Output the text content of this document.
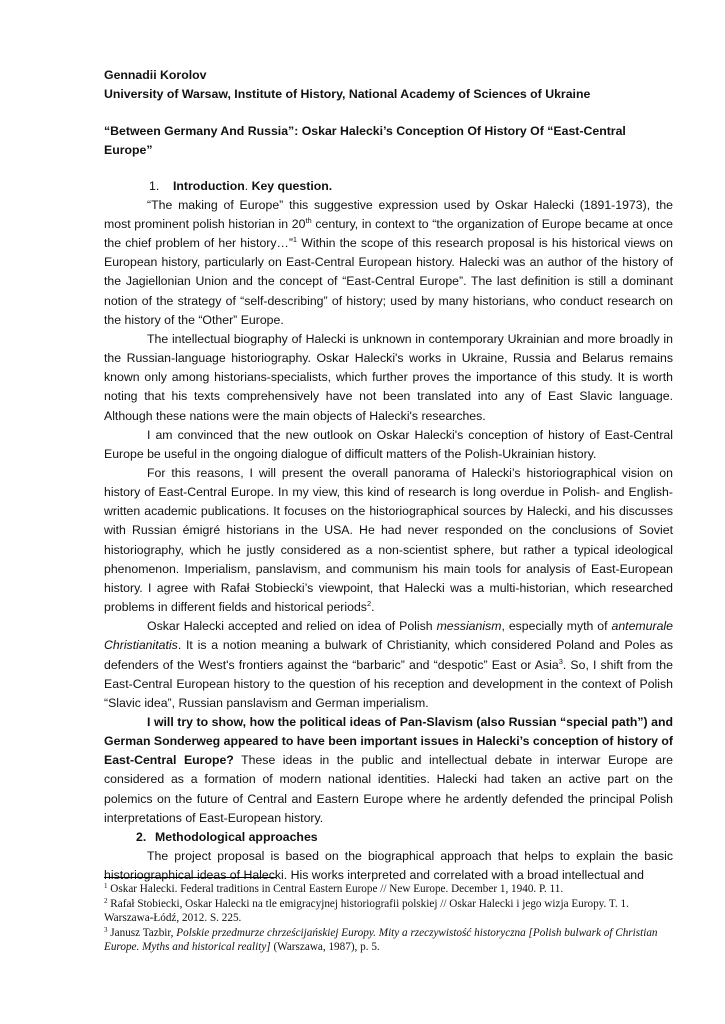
Gennadii Korolov
University of Warsaw, Institute of History, National Academy of Sciences of Ukraine
“Between Germany And Russia”: Oskar Halecki’s Conception Of History Of “East-Central Europe”
1. Introduction. Key question.

“The making of Europe” this suggestive expression used by Oskar Halecki (1891-1973), the most prominent polish historian in 20th century, in context to “the organization of Europe became at once the chief problem of her history…”$^1$ Within the scope of this research proposal is his historical views on European history, particularly on East-Central European history. Halecki was an author of the history of the Jagiellonian Union and the concept of “East-Central Europe”. The last definition is still a dominant notion of the strategy of “self-describing” of history; used by many historians, who conduct research on the history of the “Other” Europe.

The intellectual biography of Halecki is unknown in contemporary Ukrainian and more broadly in the Russian-language historiography. Oskar Halecki's works in Ukraine, Russia and Belarus remains known only among historians-specialists, which further proves the importance of this study. It is worth noting that his texts comprehensively have not been translated into any of East Slavic language. Although these nations were the main objects of Halecki's researches.

I am convinced that the new outlook on Oskar Halecki's conception of history of East-Central Europe be useful in the ongoing dialogue of difficult matters of the Polish-Ukrainian history.

For this reasons, I will present the overall panorama of Halecki’s historiographical vision on history of East-Central Europe. In my view, this kind of research is long overdue in Polish- and English-written academic publications. It focuses on the historiographical sources by Halecki, and his discusses with Russian émigré historians in the USA. He had never responded on the conclusions of Soviet historiography, which he justly considered as a non-scientist sphere, but rather a typical ideological phenomenon. Imperialism, panslavism, and communism his main tools for analysis of East-European history. I agree with Rafał Stobiecki’s viewpoint, that Halecki was a multi-historian, which researched problems in different fields and historical periods$^2$.

Oskar Halecki accepted and relied on idea of Polish messianism, especially myth of antemurale Christianitatis. It is a notion meaning a bulwark of Christianity, which considered Poland and Poles as defenders of the West's frontiers against the “barbaric” and “despotic” East or Asia$^3$. So, I shift from the East-Central European history to the question of his reception and development in the context of Polish “Slavic idea”, Russian panslavism and German imperialism.

I will try to show, how the political ideas of Pan-Slavism (also Russian “special path”) and German Sonderweg appeared to have been important issues in Halecki’s conception of history of East-Central Europe? These ideas in the public and intellectual debate in interwar Europe are considered as a formation of modern national identities. Halecki had taken an active part on the polemics on the future of Central and Eastern Europe where he ardently defended the principal Polish interpretations of East-European history.

2. Methodological approaches

The project proposal is based on the biographical approach that helps to explain the basic historiographical ideas of Halecki. His works interpreted and correlated with a broad intellectual and

$^1$ Oskar Halecki. Federal traditions in Central Eastern Europe // New Europe. December 1, 1940. P. 11.
$^2$ Rafał Stobiecki, Oskar Halecki na tle emigracyjnej historiografii polskiej // Oskar Halecki i jego wizja Europy. T. 1. Warszawa-Łódź, 2012. S. 225.
$^3$ Janusz Tazbir, Polskie przedmurze chrześcijańskiej Europy. Mity a rzeczywistość historyczna [Polish bulwark of Christian Europe. Myths and historical reality] (Warszawa, 1987), p. 5.
